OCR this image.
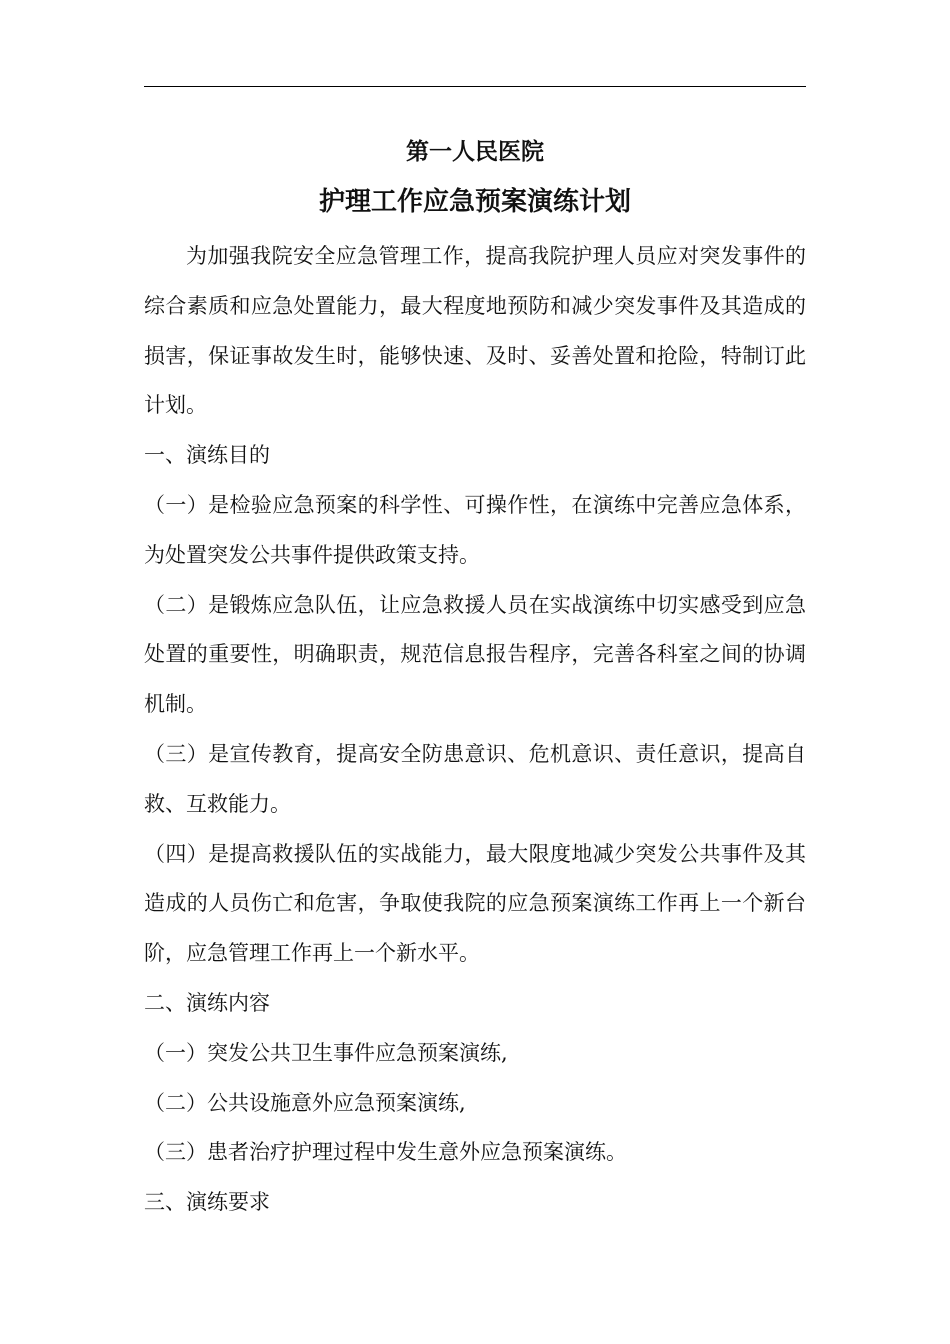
第一人民医院
护理工作应急预案演练计划

为加强我院安全应急管理工作，提高我院护理人员应对突发事件的综合素质和应急处置能力，最大程度地预防和减少突发事件及其造成的损害，保证事故发生时，能够快速、及时、妥善处置和抢险，特制订此计划。

一、演练目的

（一）是检验应急预案的科学性、可操作性，在演练中完善应急体系，为处置突发公共事件提供政策支持。

（二）是锻炼应急队伍，让应急救援人员在实战演练中切实感受到应急处置的重要性，明确职责，规范信息报告程序，完善各科室之间的协调机制。

（三）是宣传教育，提高安全防患意识、危机意识、责任意识，提高自救、互救能力。

（四）是提高救援队伍的实战能力，最大限度地减少突发公共事件及其造成的人员伤亡和危害，争取使我院的应急预案演练工作再上一个新台阶，应急管理工作再上一个新水平。

二、演练内容

（一）突发公共卫生事件应急预案演练,

（二）公共设施意外应急预案演练,

（三）患者治疗护理过程中发生意外应急预案演练。

三、演练要求
